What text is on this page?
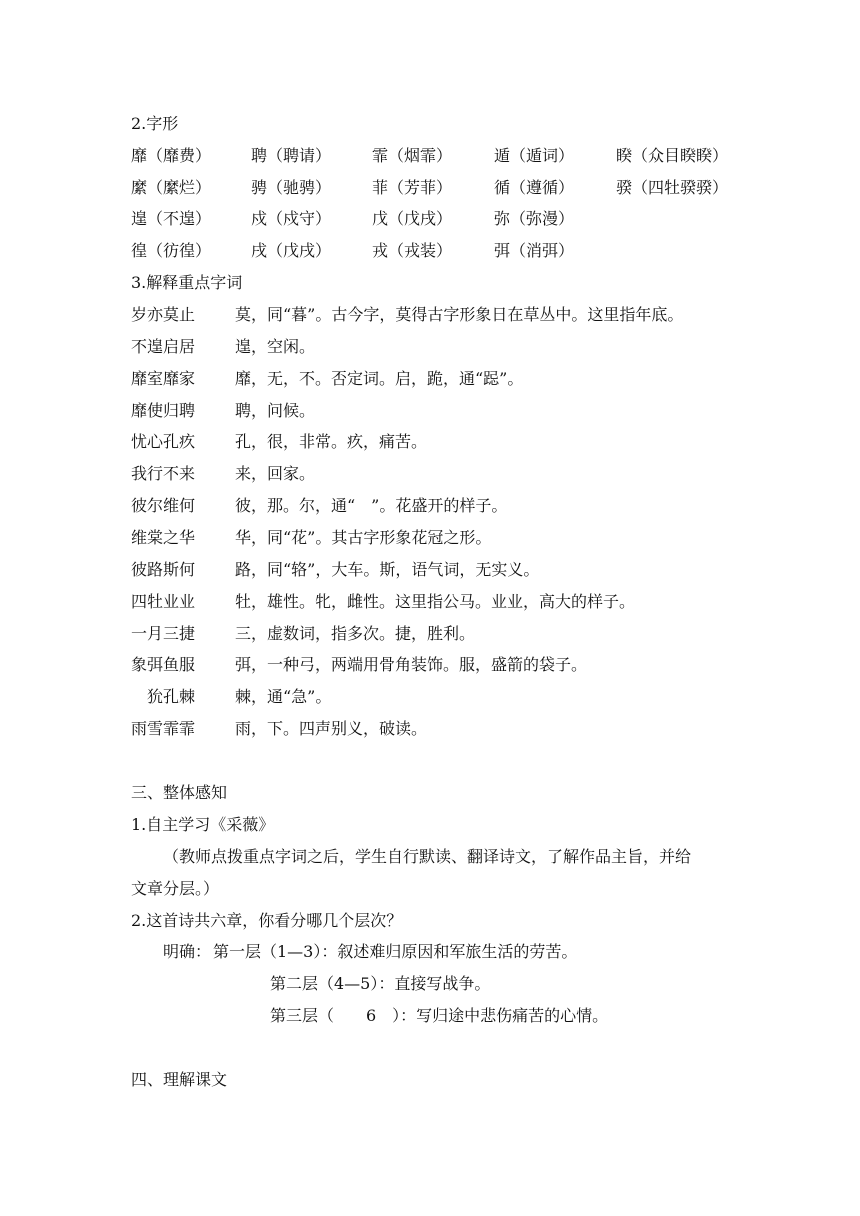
2.字形
靡（靡费） 聘（聘请）	霏（烟霏）	遁（遁词）	睽（众目睽睽）
縻（縻烂） 骋（驰骋）	菲（芳菲）	循（遵循）	骙（四牡骙骙）
遑（不遑） 戍（戍守）	戊（戊戌）	弥（弥漫）
徨（彷徨） 戌（戊戌）	戎（戎装）	弭（消弭）
3.解释重点字词
岁亦莫止 莫，同“暮”。古今字，莫得古字形象日在草丛中。这里指年底。
不遑启居 遑，空闲。
靡室靡家 靡，无，不。否定词。启，跪，通“跽”。
靡使归聘 聘，问候。
忧心孔疚 孔，很，非常。疚，痛苦。
我行不来 来，回家。
彼尔维何 彼，那。尔，通“　”。花盛开的样子。
维棠之华 华，同“花”。其古字形象花冠之形。
彼路斯何 路，同“辂”，大车。斯，语气词，无实义。
四牡业业 牡，雄性。牝，雌性。这里指公马。业业，高大的样子。
一月三捷 三，虚数词，指多次。捷，胜利。
象弭鱼服 弭，一种弓，两端用骨角装饰。服，盛箭的袋子。
　狁孔棘 棘，通“急”。
雨雪霏霏 雨，下。四声别义，破读。
三、整体感知
1.自主学习《采薇》
（教师点拨重点字词之后，学生自行默读、翻译诗文，了解作品主旨，并给
文章分层。）
2.这首诗共六章，你看分哪几个层次？
明确： 第一层（1—3）：叙述难归原因和军旅生活的劳苦。
第二层（4—5）：直接写战争。
第三层（　　6　）：写归途中悲伤痛苦的心情。
四、理解课文
